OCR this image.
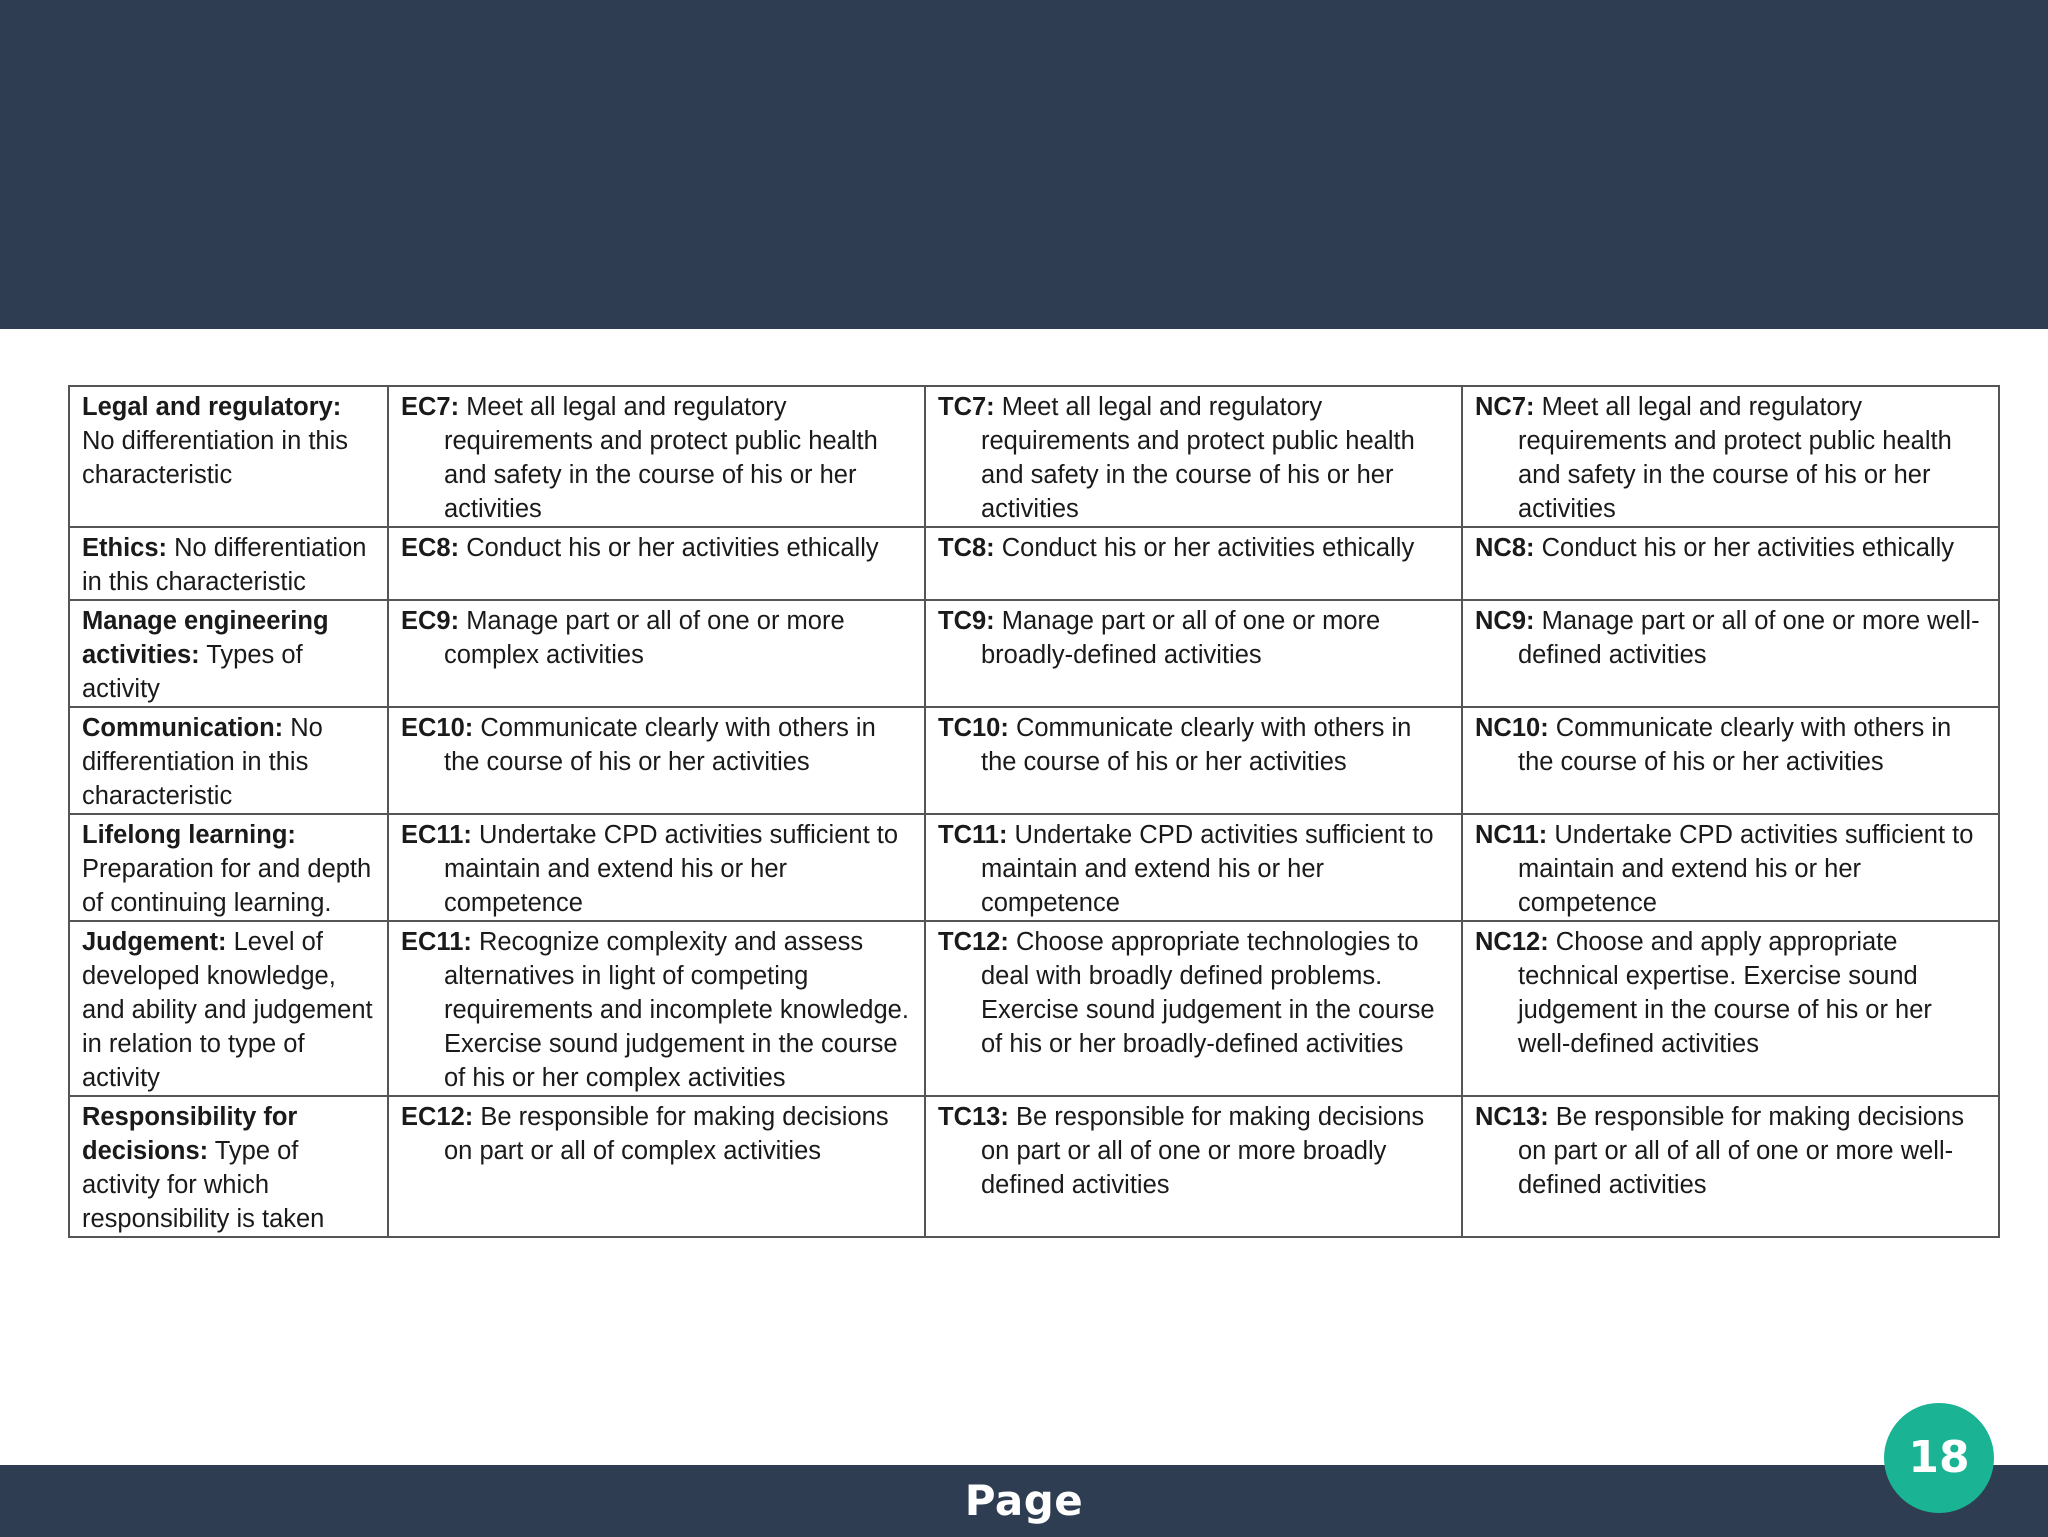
Legal and regulatory: No differentiation in this characteristic	EC7: Meet all legal and regulatory requirements and protect public health and safety in the course of his or her activities	TC7: Meet all legal and regulatory requirements and protect public health and safety in the course of his or her activities	NC7: Meet all legal and regulatory requirements and protect public health and safety in the course of his or her activities

Ethics: No differentiation in this characteristic	EC8: Conduct his or her activities ethically	TC8: Conduct his or her activities ethically	NC8: Conduct his or her activities ethically

Manage engineering activities: Types of activity	EC9: Manage part or all of one or more complex activities	TC9: Manage part or all of one or more broadly-defined activities	NC9: Manage part or all of one or more well-defined activities

Communication: No differentiation in this characteristic	EC10: Communicate clearly with others in the course of his or her activities	TC10: Communicate clearly with others in the course of his or her activities	NC10: Communicate clearly with others in the course of his or her activities

Lifelong learning: Preparation for and depth of continuing learning.	EC11: Undertake CPD activities sufficient to maintain and extend his or her competence	TC11: Undertake CPD activities sufficient to maintain and extend his or her competence	NC11: Undertake CPD activities sufficient to maintain and extend his or her competence

Judgement: Level of developed knowledge, and ability and judgement in relation to type of activity	EC11: Recognize complexity and assess alternatives in light of competing requirements and incomplete knowledge. Exercise sound judgement in the course of his or her complex activities	TC12: Choose appropriate technologies to deal with broadly defined problems. Exercise sound judgement in the course of his or her broadly-defined activities	NC12: Choose and apply appropriate technical expertise. Exercise sound judgement in the course of his or her well-defined activities

Responsibility for decisions: Type of activity for which responsibility is taken	EC12: Be responsible for making decisions on part or all of complex activities	TC13: Be responsible for making decisions on part or all of one or more broadly defined activities	NC13: Be responsible for making decisions on part or all of all of one or more well-defined activities
Page
18
